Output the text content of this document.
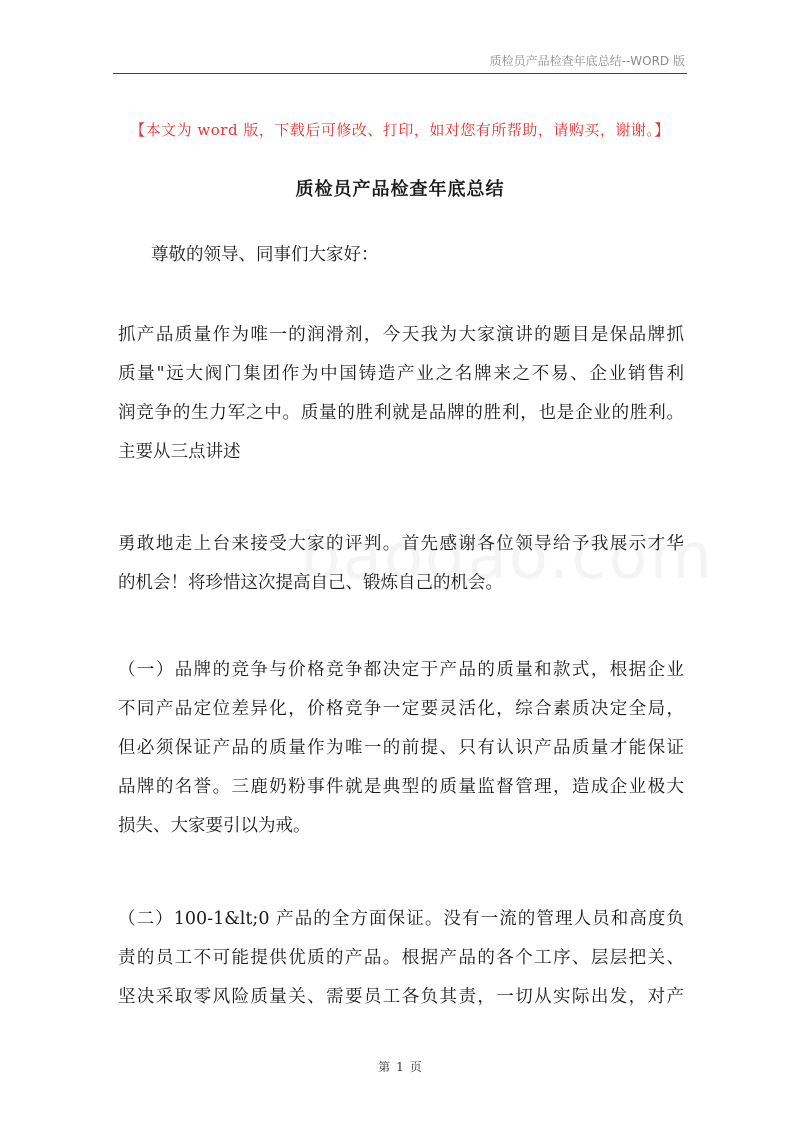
质检员产品检查年底总结--WORD 版
【本文为 word 版，下载后可修改、打印，如对您有所帮助，请购买，谢谢。】
质检员产品检查年底总结

尊敬的领导、同事们大家好：

抓产品质量作为唯一的润滑剂，今天我为大家演讲的题目是保品牌抓
质量"远大阀门集团作为中国铸造产业之名牌来之不易、企业销售利
润竞争的生力军之中。质量的胜利就是品牌的胜利，也是企业的胜利。
主要从三点讲述

勇敢地走上台来接受大家的评判。首先感谢各位领导给予我展示才华
的机会！将珍惜这次提高自己、锻炼自己的机会。

（一）品牌的竞争与价格竞争都决定于产品的质量和款式，根据企业
不同产品定位差异化，价格竞争一定要灵活化，综合素质决定全局，
但必须保证产品的质量作为唯一的前提、只有认识产品质量才能保证
品牌的名誉。三鹿奶粉事件就是典型的质量监督管理，造成企业极大
损失、大家要引以为戒。

（二）100-1&lt;0 产品的全方面保证。没有一流的管理人员和高度负
责的员工不可能提供优质的产品。根据产品的各个工序、层层把关、
坚决采取零风险质量关、需要员工各负其责，一切从实际出发，对产

第 1 页
